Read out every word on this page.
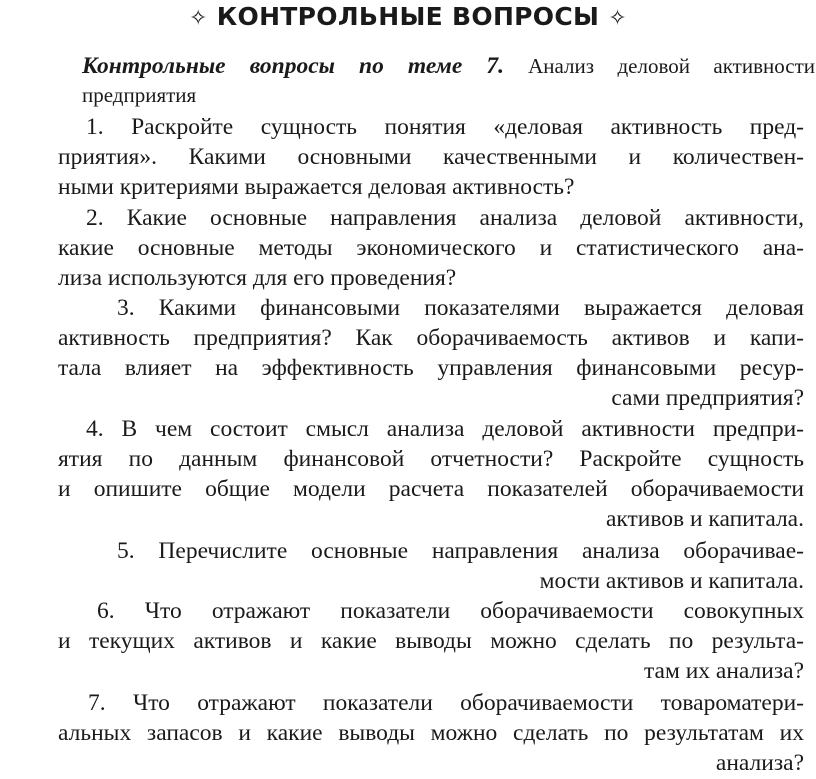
✧ КОНТРОЛЬНЫЕ ВОПРОСЫ ✧
Контрольные вопросы по теме 7. Анализ деловой активности
предприятия
1. Раскройте сущность понятия «деловая активность пред-
приятия». Какими основными качественными и количествен-
ными критериями выражается деловая активность?
2. Какие основные направления анализа деловой активности,
какие основные методы экономического и статистического ана-
лиза используются для его проведения?
3. Какими финансовыми показателями выражается деловая
активность предприятия? Как оборачиваемость активов и капи-
тала влияет на эффективность управления финансовыми ресур-
сами предприятия?
4. В чем состоит смысл анализа деловой активности предпри-
ятия по данным финансовой отчетности? Раскройте сущность
и опишите общие модели расчета показателей оборачиваемости
активов и капитала.
5. Перечислите основные направления анализа оборачивае-
мости активов и капитала.
6. Что отражают показатели оборачиваемости совокупных
и текущих активов и какие выводы можно сделать по результа-
там их анализа?
7. Что отражают показатели оборачиваемости товароматери-
альных запасов и какие выводы можно сделать по результатам их
анализа?
